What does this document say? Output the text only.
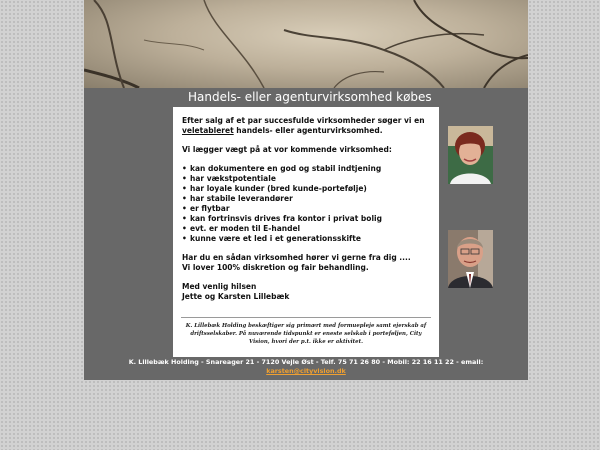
Handels- eller agenturvirksomhed købes

Efter salg af et par succesfulde virksomheder søger vi en veletableret handels- eller agenturvirksomhed.

Vi lægger vægt på at vor kommende virksomhed:

• kan dokumentere en god og stabil indtjening
• har vækstpotentiale
• har loyale kunder (bred kunde-portefølje)
• har stabile leverandører
• er flytbar
• kan fortrinsvis drives fra kontor i privat bolig
• evt. er moden til E-handel
• kunne være et led i et generationsskifte

Har du en sådan virksomhed hører vi gerne fra dig ....

Vi lover 100% diskretion og fair behandling.

Med venlig hilsen

Jette og Karsten Lillebæk

K. Lillebæk Holding beskæftiger sig primært med formuepleje samt ejerskab af driftsselskaber. På nuværende tidspunkt er eneste selskab i porteføljen, City Vision, hvori der p.t. ikke er aktivitet.
K. Lillebæk Holding - Snareager 21 - 7120 Vejle Øst - Telf. 75 71 26 80 - Mobil: 22 16 11 22 - email:
karsten@cityvision.dk
